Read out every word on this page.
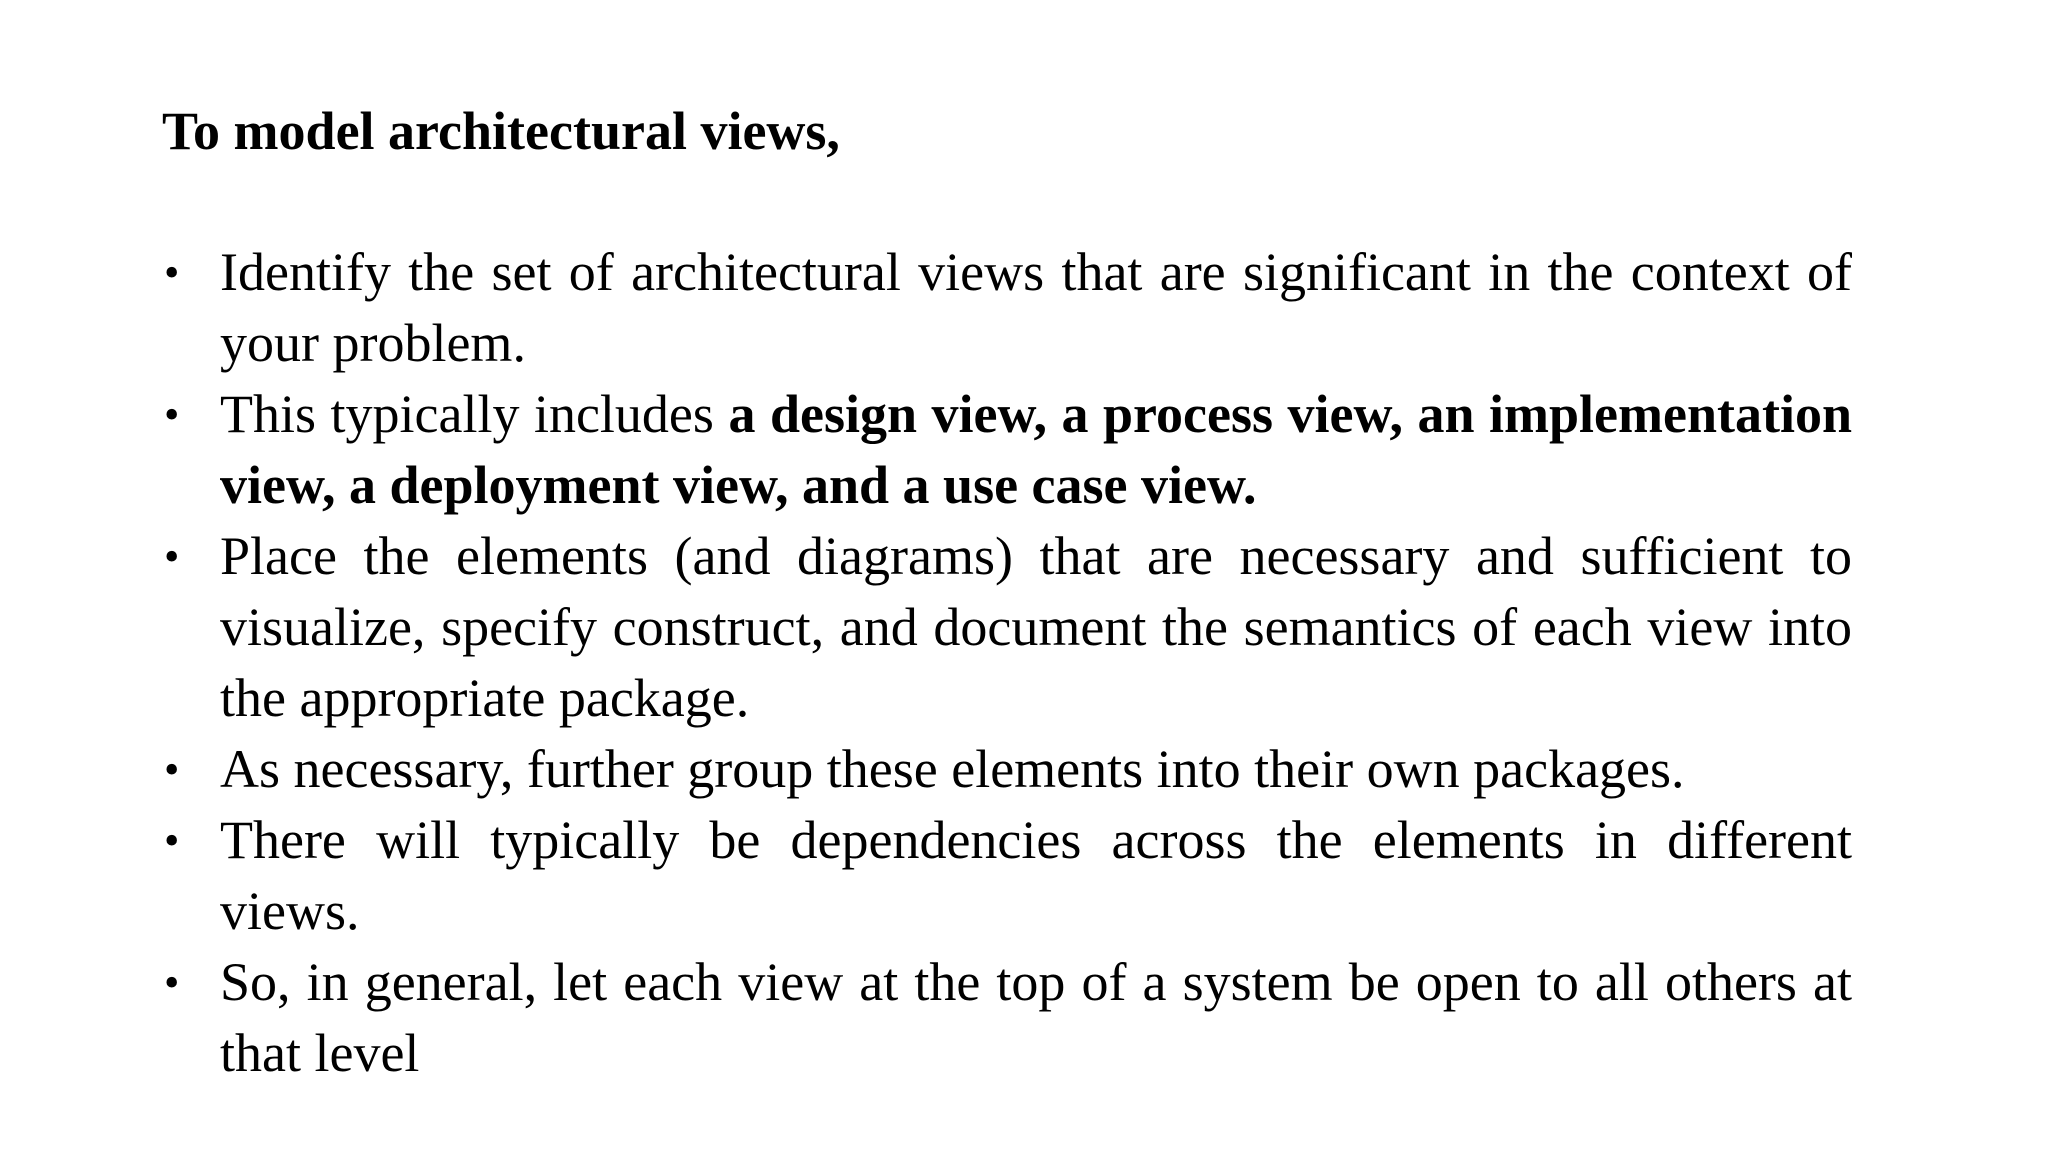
To model architectural views,
• Identify the set of architectural views that are significant in the context of your problem.
• This typically includes a design view, a process view, an implementation view, a deployment view, and a use case view.
• Place the elements (and diagrams) that are necessary and sufficient to visualize, specify construct, and document the semantics of each view into the appropriate package.
• As necessary, further group these elements into their own packages.
• There will typically be dependencies across the elements in different views.
• So, in general, let each view at the top of a system be open to all others at that level
